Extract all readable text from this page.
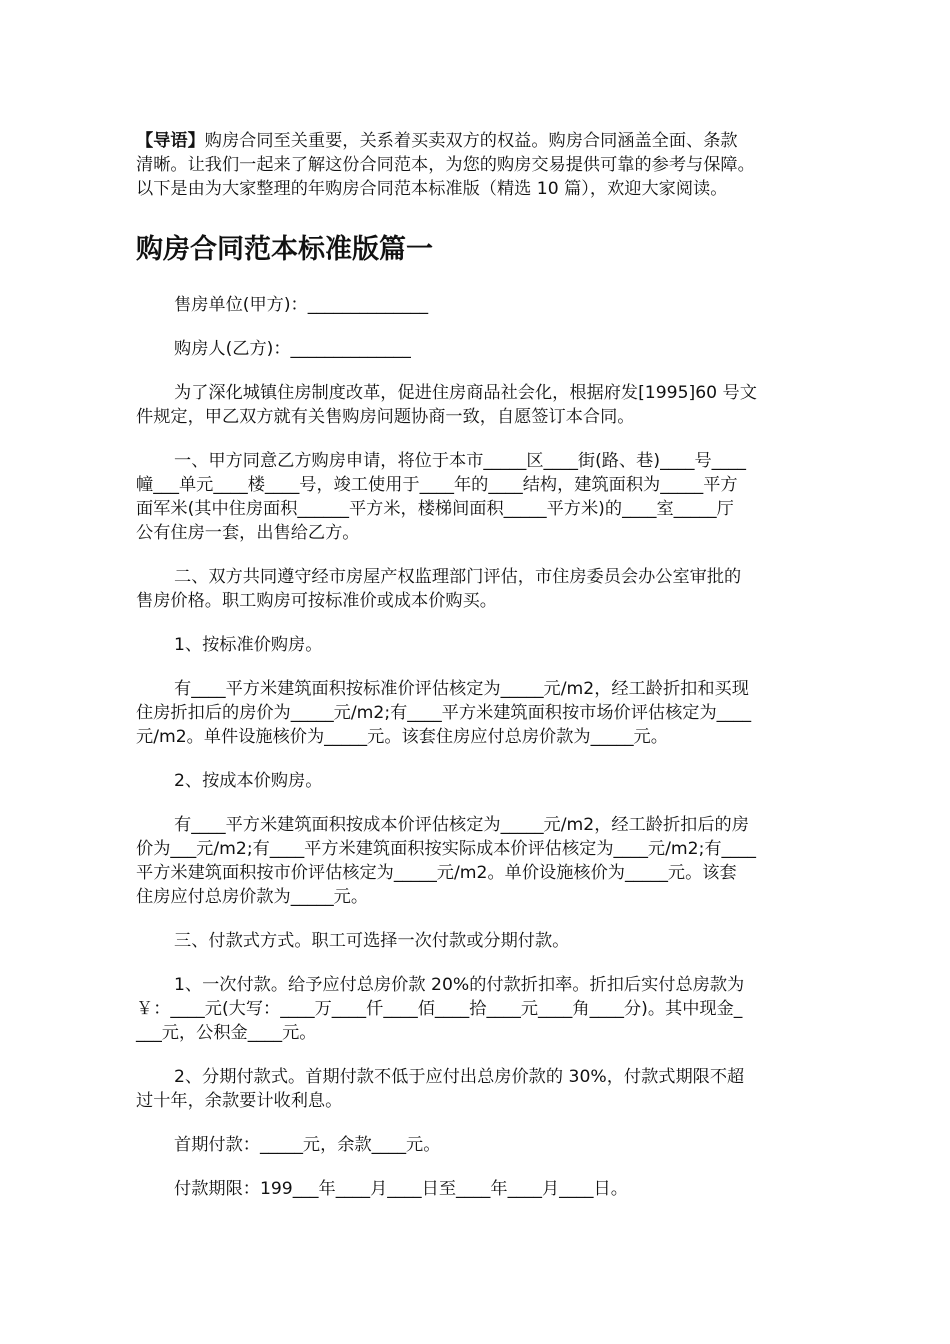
【导语】购房合同至关重要，关系着买卖双方的权益。购房合同涵盖全面、条款
清晰。让我们一起来了解这份合同范本，为您的购房交易提供可靠的参考与保障。
以下是由为大家整理的年购房合同范本标准版（精选 10 篇），欢迎大家阅读。
购房合同范本标准版篇一
售房单位(甲方)：______________
购房人(乙方)：______________
为了深化城镇住房制度改革，促进住房商品社会化，根据府发[1995]60 号文
件规定，甲乙双方就有关售购房问题协商一致，自愿签订本合同。
一、甲方同意乙方购房申请，将位于本市_____区____街(路、巷)____号____
幢___单元____楼____号，竣工使用于____年的____结构，建筑面积为_____平方
面军米(其中住房面积______平方米，楼梯间面积_____平方米)的____室_____厅
公有住房一套，出售给乙方。
二、双方共同遵守经市房屋产权监理部门评估，市住房委员会办公室审批的
售房价格。职工购房可按标准价或成本价购买。
1、按标准价购房。
有____平方米建筑面积按标准价评估核定为_____元/m2，经工龄折扣和买现
住房折扣后的房价为_____元/m2;有____平方米建筑面积按市场价评估核定为____
元/m2。单件设施核价为_____元。该套住房应付总房价款为_____元。
2、按成本价购房。
有____平方米建筑面积按成本价评估核定为_____元/m2，经工龄折扣后的房
价为___元/m2;有____平方米建筑面积按实际成本价评估核定为____元/m2;有____
平方米建筑面积按市价评估核定为_____元/m2。单价设施核价为_____元。该套
住房应付总房价款为_____元。
三、付款式方式。职工可选择一次付款或分期付款。
1、一次付款。给予应付总房价款 20%的付款折扣率。折扣后实付总房款为
￥：____元(大写：____万____仟____佰____拾____元____角____分)。其中现金_
___元，公积金____元。
2、分期付款式。首期付款不低于应付出总房价款的 30%，付款式期限不超
过十年，余款要计收利息。
首期付款：_____元，余款____元。
付款期限：199___年____月____日至____年____月____日。
